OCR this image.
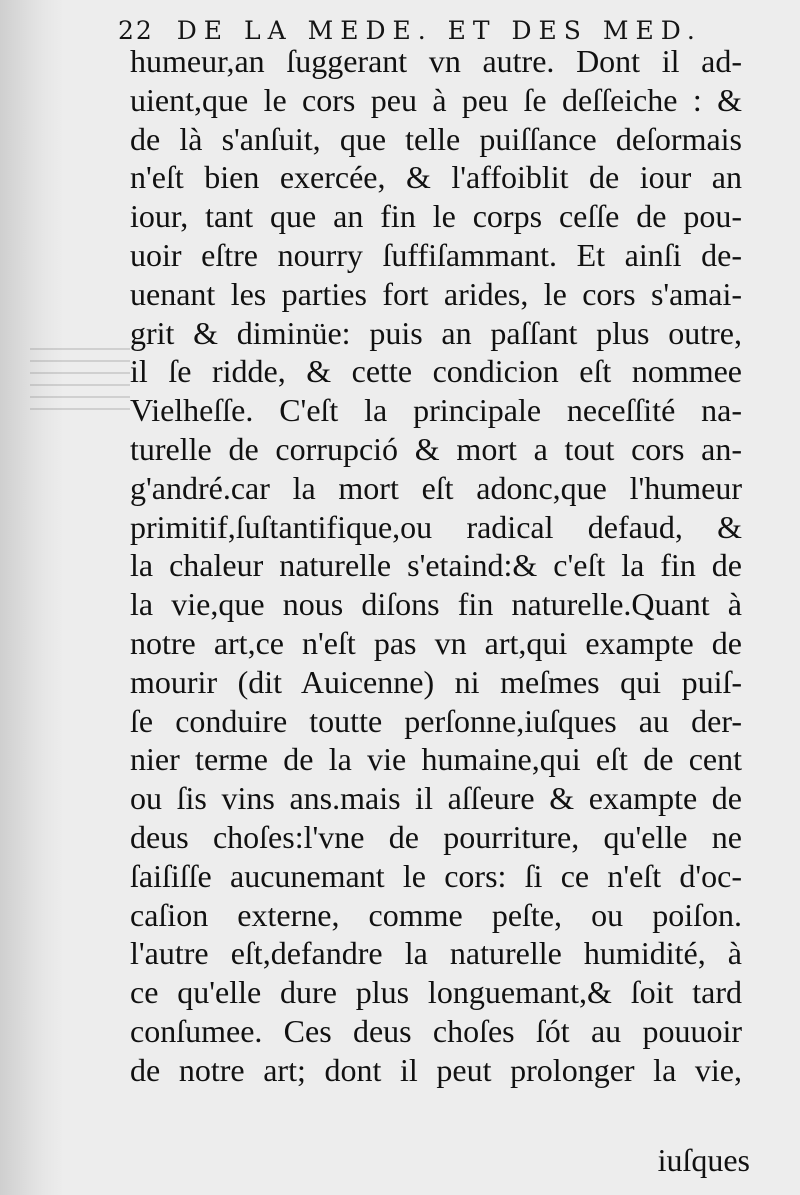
22 DE LA MEDE. ET DES MED.
humeur,an ſuggerant vn autre. Dont il ad-
uient,que le cors peu à peu ſe deſſeiche : &
de là s'anſuit, que telle puiſſance deſormais
n'eſt bien exercée, & l'affoiblit de iour an
iour, tant que an fin le corps ceſſe de pou-
uoir eſtre nourry ſuffiſammant. Et ainſi de-
uenant les parties fort arides, le cors s'amai-
grit & diminüe: puis an paſſant plus outre,
il ſe ridde, & cette condicion eſt nommee
Vielheſſe. C'eſt la principale neceſſité na-
turelle de corrupció & mort a tout cors an-
g'andré.car la mort eſt adonc,que l'humeur
primitif,ſuſtantifique,ou radical defaud, &
la chaleur naturelle s'etaind:& c'eſt la fin de
la vie,que nous diſons fin naturelle.Quant à
notre art,ce n'eſt pas vn art,qui exampte de
mourir (dit Auicenne) ni meſmes qui puiſ-
ſe conduire toutte perſonne,iuſques au der-
nier terme de la vie humaine,qui eſt de cent
ou ſis vins ans.mais il aſſeure & exampte de
deus choſes:l'vne de pourriture, qu'elle ne
ſaiſiſſe aucunemant le cors: ſi ce n'eſt d'oc-
caſion externe, comme peſte, ou poiſon.
l'autre eſt,defandre la naturelle humidité, à
ce qu'elle dure plus longuemant,& ſoit tard
conſumee. Ces deus choſes ſót au pouuoir
de notre art; dont il peut prolonger la vie,
iuſques
